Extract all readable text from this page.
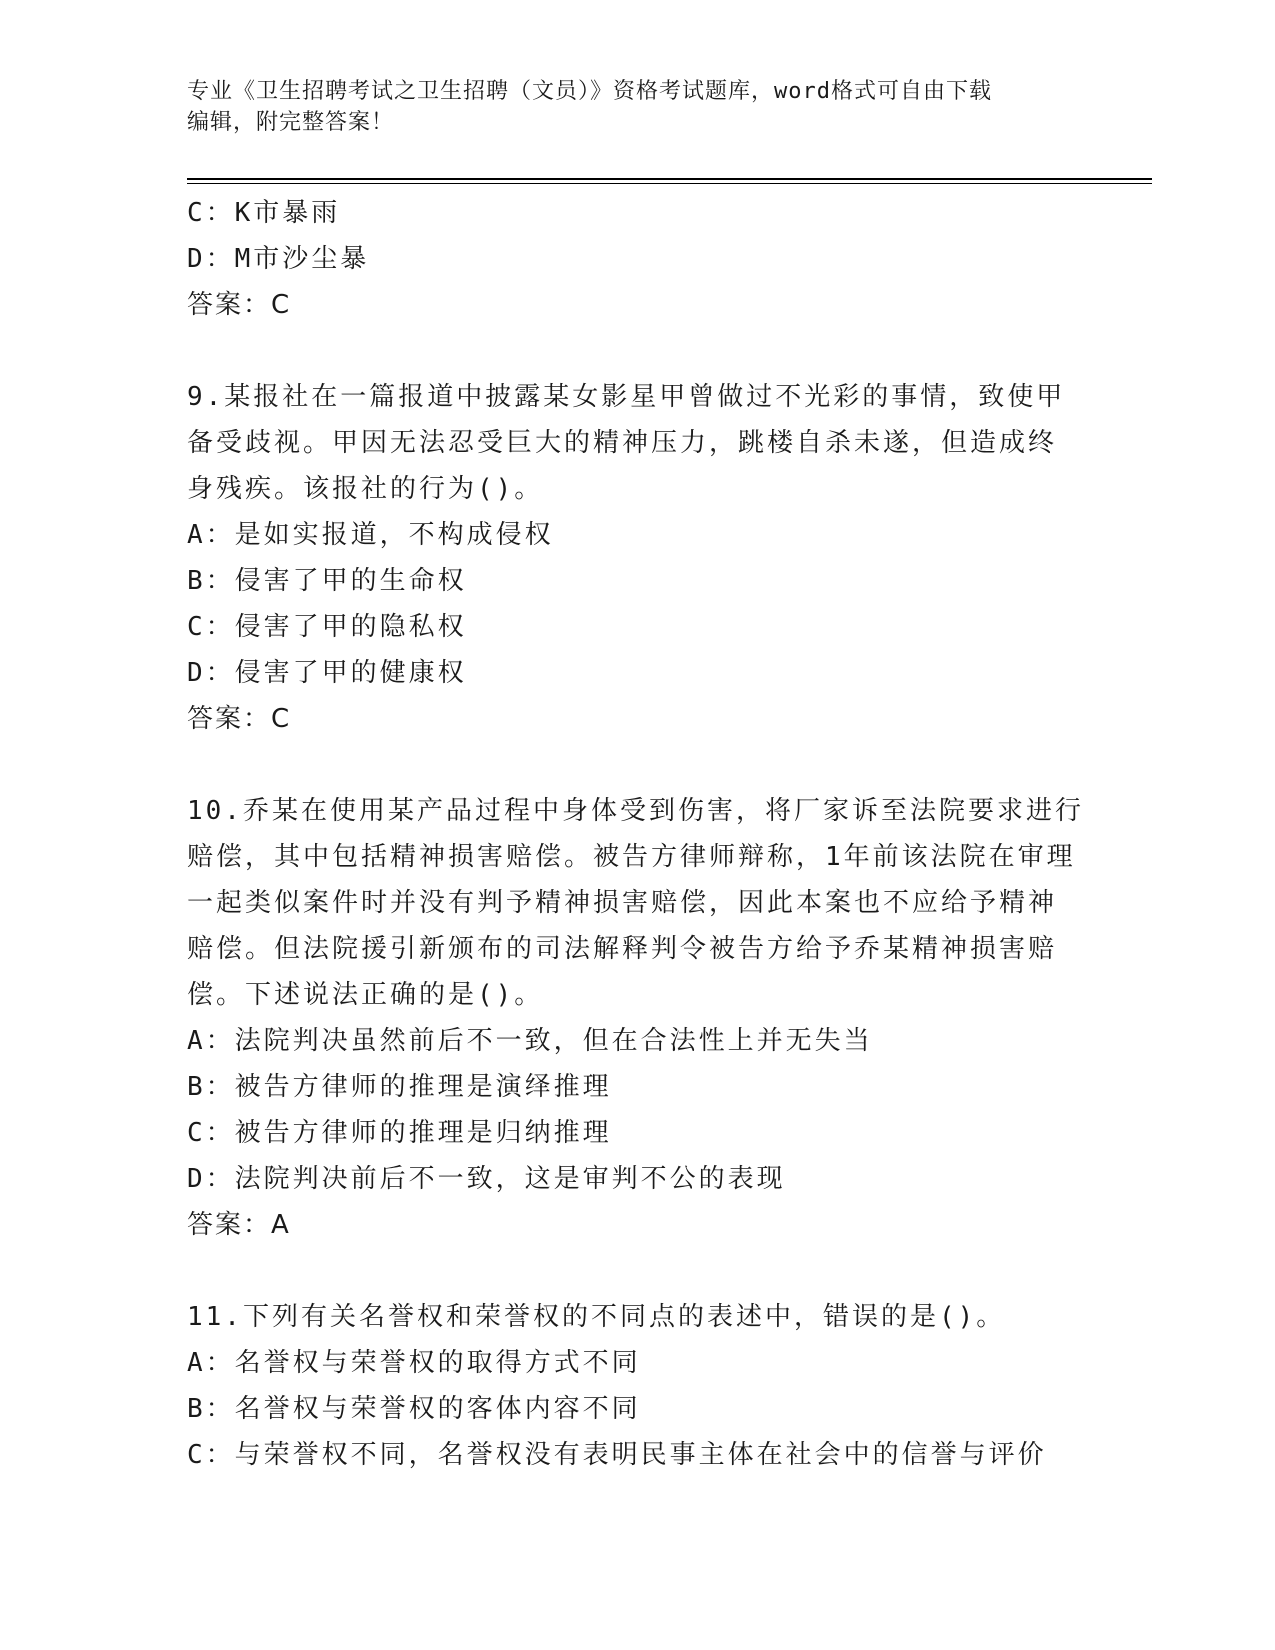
专业《卫生招聘考试之卫生招聘（文员）》资格考试题库，word格式可自由下载
编辑，附完整答案！
C：K市暴雨
D：M市沙尘暴
答案：C
9.某报社在一篇报道中披露某女影星甲曾做过不光彩的事情，致使甲
备受歧视。甲因无法忍受巨大的精神压力，跳楼自杀未遂，但造成终
身残疾。该报社的行为()。
A：是如实报道，不构成侵权
B：侵害了甲的生命权
C：侵害了甲的隐私权
D：侵害了甲的健康权
答案：C
10.乔某在使用某产品过程中身体受到伤害，将厂家诉至法院要求进行
赔偿，其中包括精神损害赔偿。被告方律师辩称，1年前该法院在审理
一起类似案件时并没有判予精神损害赔偿，因此本案也不应给予精神
赔偿。但法院援引新颁布的司法解释判令被告方给予乔某精神损害赔
偿。下述说法正确的是()。
A：法院判决虽然前后不一致，但在合法性上并无失当
B：被告方律师的推理是演绎推理
C：被告方律师的推理是归纳推理
D：法院判决前后不一致，这是审判不公的表现
答案：A
11.下列有关名誉权和荣誉权的不同点的表述中，错误的是()。
A：名誉权与荣誉权的取得方式不同
B：名誉权与荣誉权的客体内容不同
C：与荣誉权不同，名誉权没有表明民事主体在社会中的信誉与评价
